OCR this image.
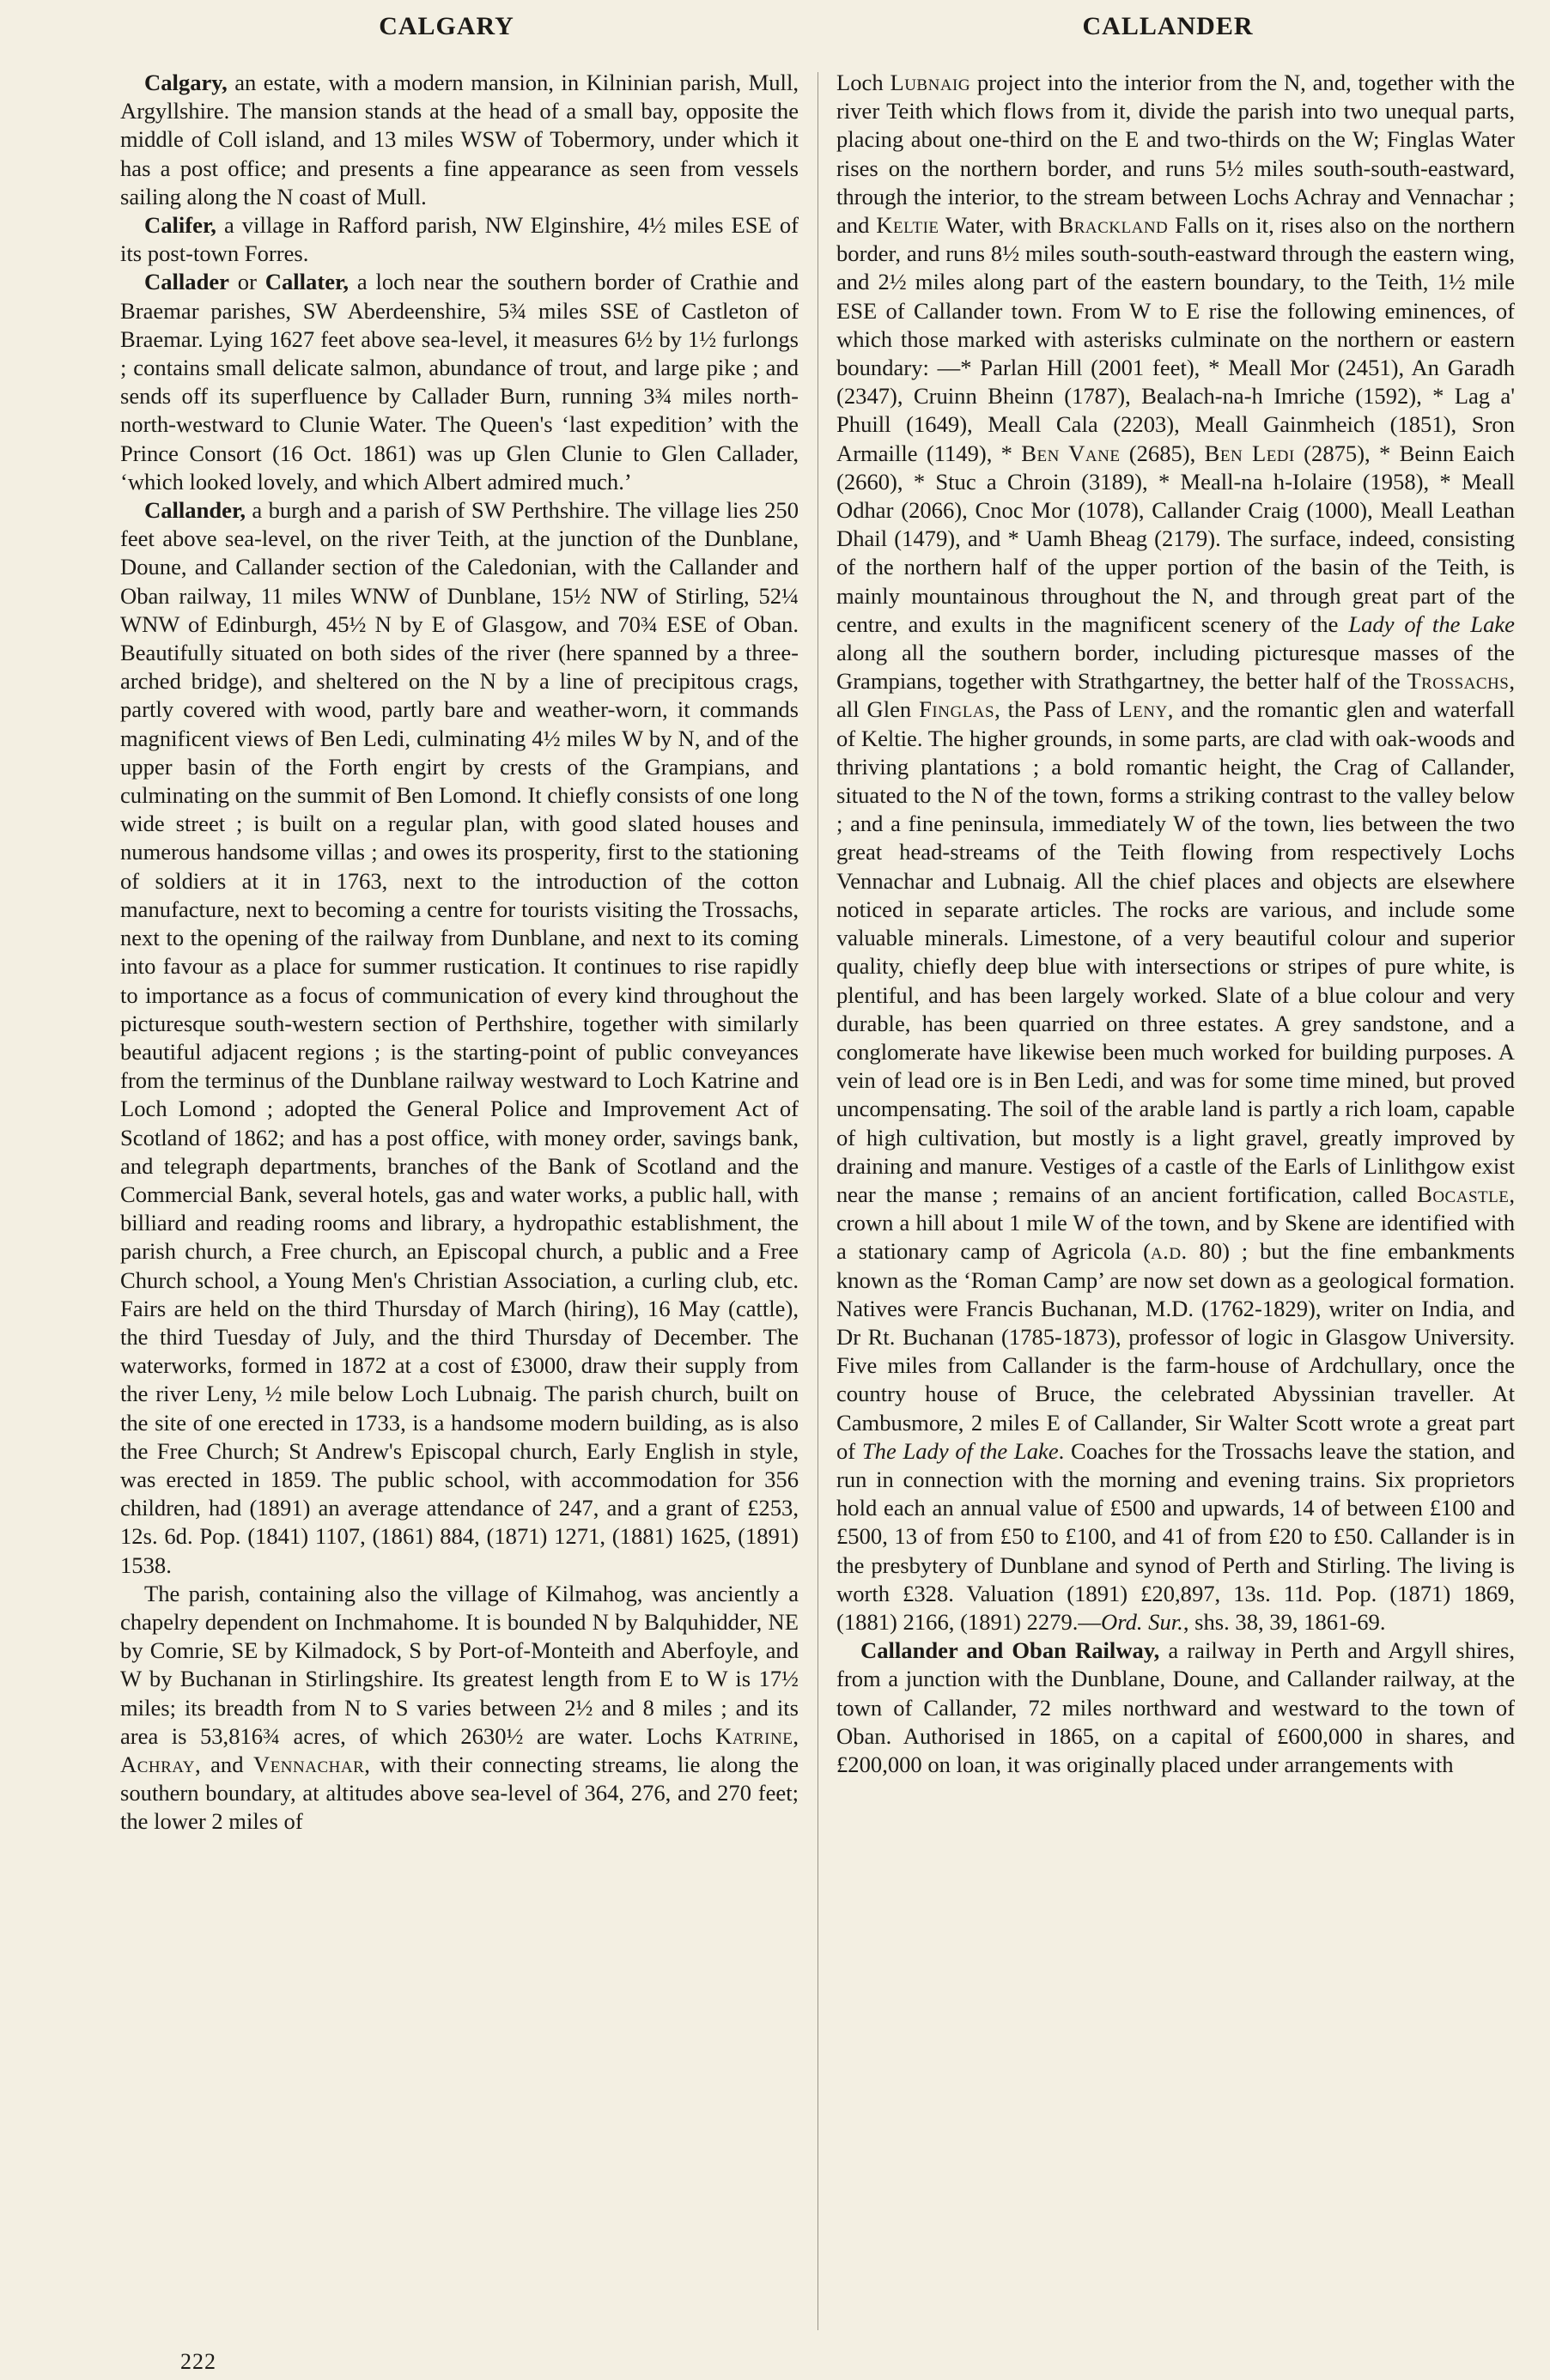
CALGARY	CALLANDER

Calgary, an estate, with a modern mansion, in Kilninian parish, Mull, Argyllshire. The mansion stands at the head of a small bay, opposite the middle of Coll island, and 13 miles WSW of Tobermory, under which it has a post office; and presents a fine appearance as seen from vessels sailing along the N coast of Mull.

Califer, a village in Rafford parish, NW Elginshire, 4½ miles ESE of its post-town Forres.

Callader or Callater, a loch near the southern border of Crathie and Braemar parishes, SW Aberdeenshire, 5¾ miles SSE of Castleton of Braemar. Lying 1627 feet above sea-level, it measures 6½ by 1½ furlongs ; contains small delicate salmon, abundance of trout, and large pike ; and sends off its superfluence by Callader Burn, running 3¾ miles north-north-westward to Clunie Water. The Queen's ‘last expedition’ with the Prince Consort (16 Oct. 1861) was up Glen Clunie to Glen Callader, ‘which looked lovely, and which Albert admired much.’

Callander, a burgh and a parish of SW Perthshire. The village lies 250 feet above sea-level, on the river Teith, at the junction of the Dunblane, Doune, and Callander section of the Caledonian, with the Callander and Oban railway, 11 miles WNW of Dunblane, 15½ NW of Stirling, 52¼ WNW of Edinburgh, 45½ N by E of Glasgow, and 70¾ ESE of Oban. Beautifully situated on both sides of the river (here spanned by a three-arched bridge), and sheltered on the N by a line of precipitous crags, partly covered with wood, partly bare and weather-worn, it commands magnificent views of Ben Ledi, culminating 4½ miles W by N, and of the upper basin of the Forth engirt by crests of the Grampians, and culminating on the summit of Ben Lomond. It chiefly consists of one long wide street ; is built on a regular plan, with good slated houses and numerous handsome villas ; and owes its prosperity, first to the stationing of soldiers at it in 1763, next to the introduction of the cotton manufacture, next to becoming a centre for tourists visiting the Trossachs, next to the opening of the railway from Dunblane, and next to its coming into favour as a place for summer rustication. It continues to rise rapidly to importance as a focus of communication of every kind throughout the picturesque south-western section of Perthshire, together with similarly beautiful adjacent regions ; is the starting-point of public conveyances from the terminus of the Dunblane railway westward to Loch Katrine and Loch Lomond ; adopted the General Police and Improvement Act of Scotland of 1862; and has a post office, with money order, savings bank, and telegraph departments, branches of the Bank of Scotland and the Commercial Bank, several hotels, gas and water works, a public hall, with billiard and reading rooms and library, a hydropathic establishment, the parish church, a Free church, an Episcopal church, a public and a Free Church school, a Young Men's Christian Association, a curling club, etc. Fairs are held on the third Thursday of March (hiring), 16 May (cattle), the third Tuesday of July, and the third Thursday of December. The waterworks, formed in 1872 at a cost of £3000, draw their supply from the river Leny, ½ mile below Loch Lubnaig. The parish church, built on the site of one erected in 1733, is a handsome modern building, as is also the Free Church; St Andrew's Episcopal church, Early English in style, was erected in 1859. The public school, with accommodation for 356 children, had (1891) an average attendance of 247, and a grant of £253, 12s. 6d. Pop. (1841) 1107, (1861) 884, (1871) 1271, (1881) 1625, (1891) 1538.

The parish, containing also the village of Kilmahog, was anciently a chapelry dependent on Inchmahome. It is bounded N by Balquhidder, NE by Comrie, SE by Kilmadock, S by Port-of-Monteith and Aberfoyle, and W by Buchanan in Stirlingshire. Its greatest length from E to W is 17½ miles; its breadth from N to S varies between 2½ and 8 miles ; and its area is 53,816¾ acres, of which 2630½ are water. Lochs Katrine, Achray, and Vennachar, with their connecting streams, lie along the southern boundary, at altitudes above sea-level of 364, 276, and 270 feet; the lower 2 miles of

Loch Lubnaig project into the interior from the N, and, together with the river Teith which flows from it, divide the parish into two unequal parts, placing about one-third on the E and two-thirds on the W; Finglas Water rises on the northern border, and runs 5½ miles south-south-eastward, through the interior, to the stream between Lochs Achray and Vennachar ; and Keltie Water, with Brackland Falls on it, rises also on the northern border, and runs 8½ miles south-south-eastward through the eastern wing, and 2½ miles along part of the eastern boundary, to the Teith, 1½ mile ESE of Callander town. From W to E rise the following eminences, of which those marked with asterisks culminate on the northern or eastern boundary: —* Parlan Hill (2001 feet), * Meall Mor (2451), An Garadh (2347), Cruinn Bheinn (1787), Bealach-na-h Imriche (1592), * Lag a' Phuill (1649), Meall Cala (2203), Meall Gainmheich (1851), Sron Armaille (1149), * Ben Vane (2685), Ben Ledi (2875), * Beinn Eaich (2660), * Stuc a Chroin (3189), * Meall-na h-Iolaire (1958), * Meall Odhar (2066), Cnoc Mor (1078), Callander Craig (1000), Meall Leathan Dhail (1479), and * Uamh Bheag (2179). The surface, indeed, consisting of the northern half of the upper portion of the basin of the Teith, is mainly mountainous throughout the N, and through great part of the centre, and exults in the magnificent scenery of the Lady of the Lake along all the southern border, including picturesque masses of the Grampians, together with Strathgartney, the better half of the Trossachs, all Glen Finglas, the Pass of Leny, and the romantic glen and waterfall of Keltie. The higher grounds, in some parts, are clad with oak-woods and thriving plantations ; a bold romantic height, the Crag of Callander, situated to the N of the town, forms a striking contrast to the valley below ; and a fine peninsula, immediately W of the town, lies between the two great head-streams of the Teith flowing from respectively Lochs Vennachar and Lubnaig. All the chief places and objects are elsewhere noticed in separate articles. The rocks are various, and include some valuable minerals. Limestone, of a very beautiful colour and superior quality, chiefly deep blue with intersections or stripes of pure white, is plentiful, and has been largely worked. Slate of a blue colour and very durable, has been quarried on three estates. A grey sandstone, and a conglomerate have likewise been much worked for building purposes. A vein of lead ore is in Ben Ledi, and was for some time mined, but proved uncompensating. The soil of the arable land is partly a rich loam, capable of high cultivation, but mostly is a light gravel, greatly improved by draining and manure. Vestiges of a castle of the Earls of Linlithgow exist near the manse ; remains of an ancient fortification, called Bocastle, crown a hill about 1 mile W of the town, and by Skene are identified with a stationary camp of Agricola (a.d. 80) ; but the fine embankments known as the ‘Roman Camp’ are now set down as a geological formation. Natives were Francis Buchanan, M.D. (1762-1829), writer on India, and Dr Rt. Buchanan (1785-1873), professor of logic in Glasgow University. Five miles from Callander is the farm-house of Ardchullary, once the country house of Bruce, the celebrated Abyssinian traveller. At Cambusmore, 2 miles E of Callander, Sir Walter Scott wrote a great part of The Lady of the Lake. Coaches for the Trossachs leave the station, and run in connection with the morning and evening trains. Six proprietors hold each an annual value of £500 and upwards, 14 of between £100 and £500, 13 of from £50 to £100, and 41 of from £20 to £50. Callander is in the presbytery of Dunblane and synod of Perth and Stirling. The living is worth £328. Valuation (1891) £20,897, 13s. 11d. Pop. (1871) 1869, (1881) 2166, (1891) 2279.—Ord. Sur., shs. 38, 39, 1861-69.

Callander and Oban Railway, a railway in Perth and Argyll shires, from a junction with the Dunblane, Doune, and Callander railway, at the town of Callander, 72 miles northward and westward to the town of Oban. Authorised in 1865, on a capital of £600,000 in shares, and £200,000 on loan, it was originally placed under arrangements with

222
